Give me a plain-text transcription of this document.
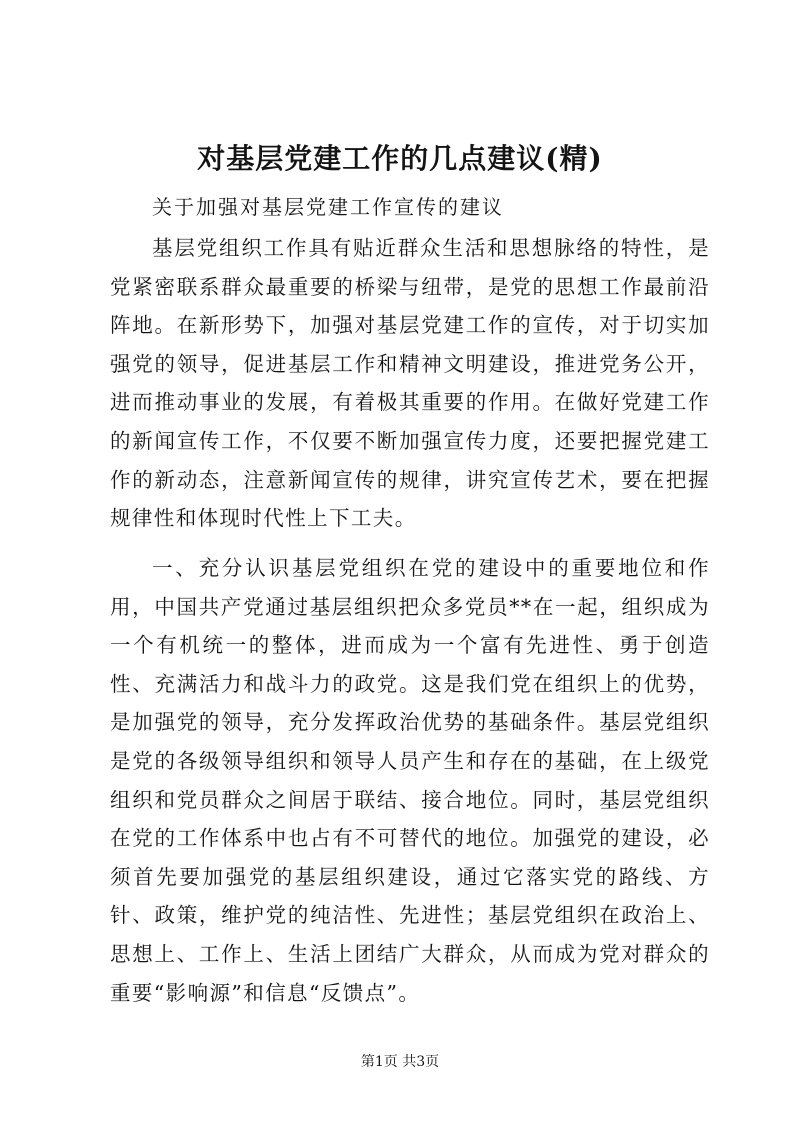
对基层党建工作的几点建议(精)

关于加强对基层党建工作宣传的建议

基层党组织工作具有贴近群众生活和思想脉络的特性，是党紧密联系群众最重要的桥梁与纽带，是党的思想工作最前沿阵地。在新形势下，加强对基层党建工作的宣传，对于切实加强党的领导，促进基层工作和精神文明建设，推进党务公开，进而推动事业的发展，有着极其重要的作用。在做好党建工作的新闻宣传工作，不仅要不断加强宣传力度，还要把握党建工作的新动态，注意新闻宣传的规律，讲究宣传艺术，要在把握规律性和体现时代性上下工夫。

一、充分认识基层党组织在党的建设中的重要地位和作用，中国共产党通过基层组织把众多党员**在一起，组织成为一个有机统一的整体，进而成为一个富有先进性、勇于创造性、充满活力和战斗力的政党。这是我们党在组织上的优势，是加强党的领导，充分发挥政治优势的基础条件。基层党组织是党的各级领导组织和领导人员产生和存在的基础，在上级党组织和党员群众之间居于联结、接合地位。同时，基层党组织在党的工作体系中也占有不可替代的地位。加强党的建设，必须首先要加强党的基层组织建设，通过它落实党的路线、方针、政策，维护党的纯洁性、先进性；基层党组织在政治上、思想上、工作上、生活上团结广大群众，从而成为党对群众的重要“影响源”和信息“反馈点”。

第1页 共3页
